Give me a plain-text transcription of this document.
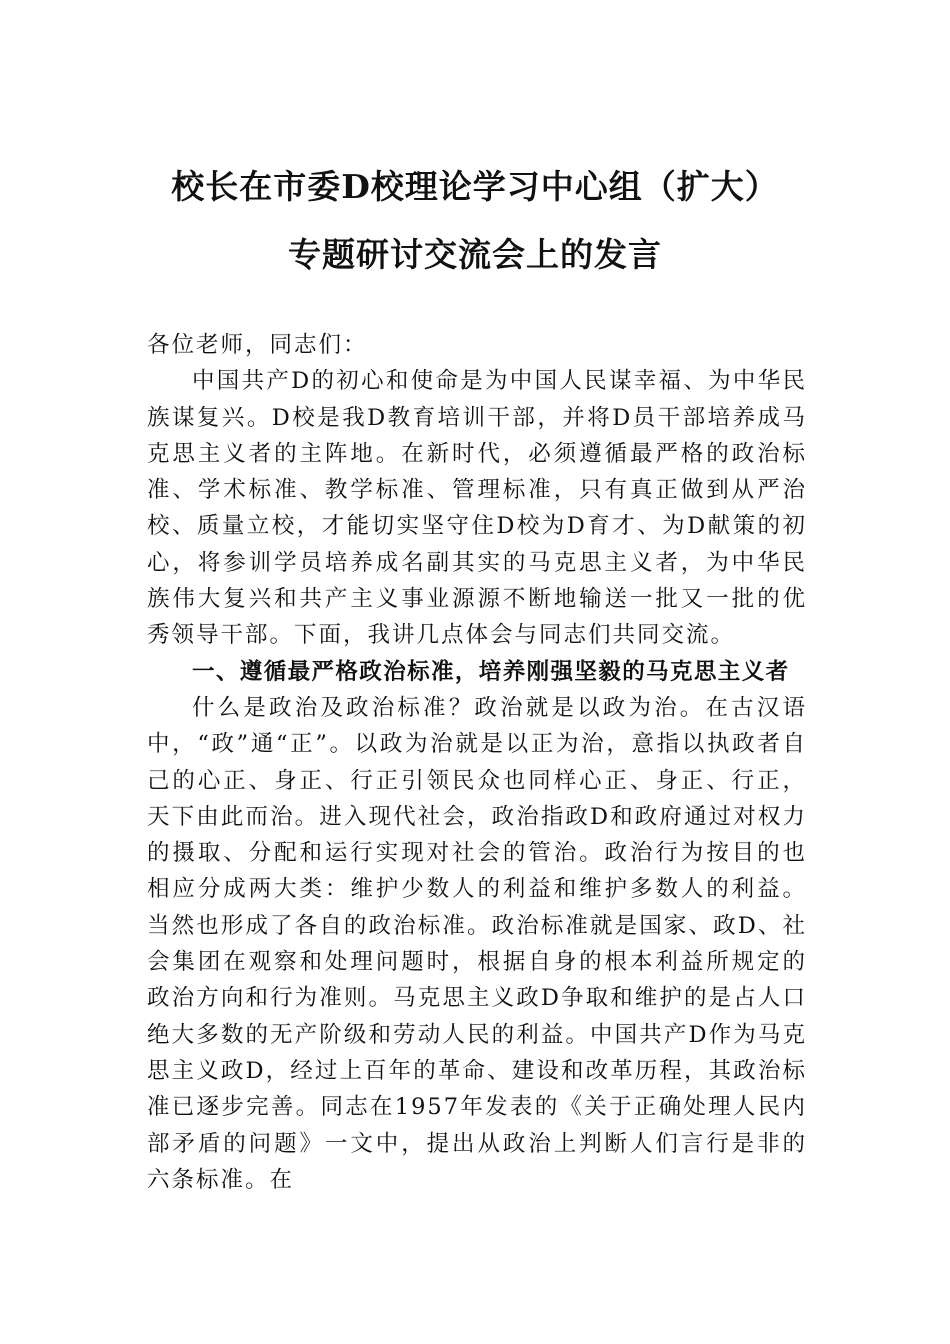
校长在市委D校理论学习中心组（扩大）
专题研讨交流会上的发言

各位老师，同志们：

中国共产D的初心和使命是为中国人民谋幸福、为中华民族谋复兴。D校是我D教育培训干部，并将D员干部培养成马克思主义者的主阵地。在新时代，必须遵循最严格的政治标准、学术标准、教学标准、管理标准，只有真正做到从严治校、质量立校，才能切实坚守住D校为D育才、为D献策的初心，将参训学员培养成名副其实的马克思主义者，为中华民族伟大复兴和共产主义事业源源不断地输送一批又一批的优秀领导干部。下面，我讲几点体会与同志们共同交流。

一、遵循最严格政治标准，培养刚强坚毅的马克思主义者

什么是政治及政治标准？政治就是以政为治。在古汉语中，“政”通“正”。以政为治就是以正为治，意指以执政者自己的心正、身正、行正引领民众也同样心正、身正、行正，天下由此而治。进入现代社会，政治指政D和政府通过对权力的摄取、分配和运行实现对社会的管治。政治行为按目的也相应分成两大类：维护少数人的利益和维护多数人的利益。当然也形成了各自的政治标准。政治标准就是国家、政D、社会集团在观察和处理问题时，根据自身的根本利益所规定的政治方向和行为准则。马克思主义政D争取和维护的是占人口绝大多数的无产阶级和劳动人民的利益。中国共产D作为马克思主义政D，经过上百年的革命、建设和改革历程，其政治标准已逐步完善。同志在1957年发表的《关于正确处理人民内部矛盾的问题》一文中，提出从政治上判断人们言行是非的六条标准。在
